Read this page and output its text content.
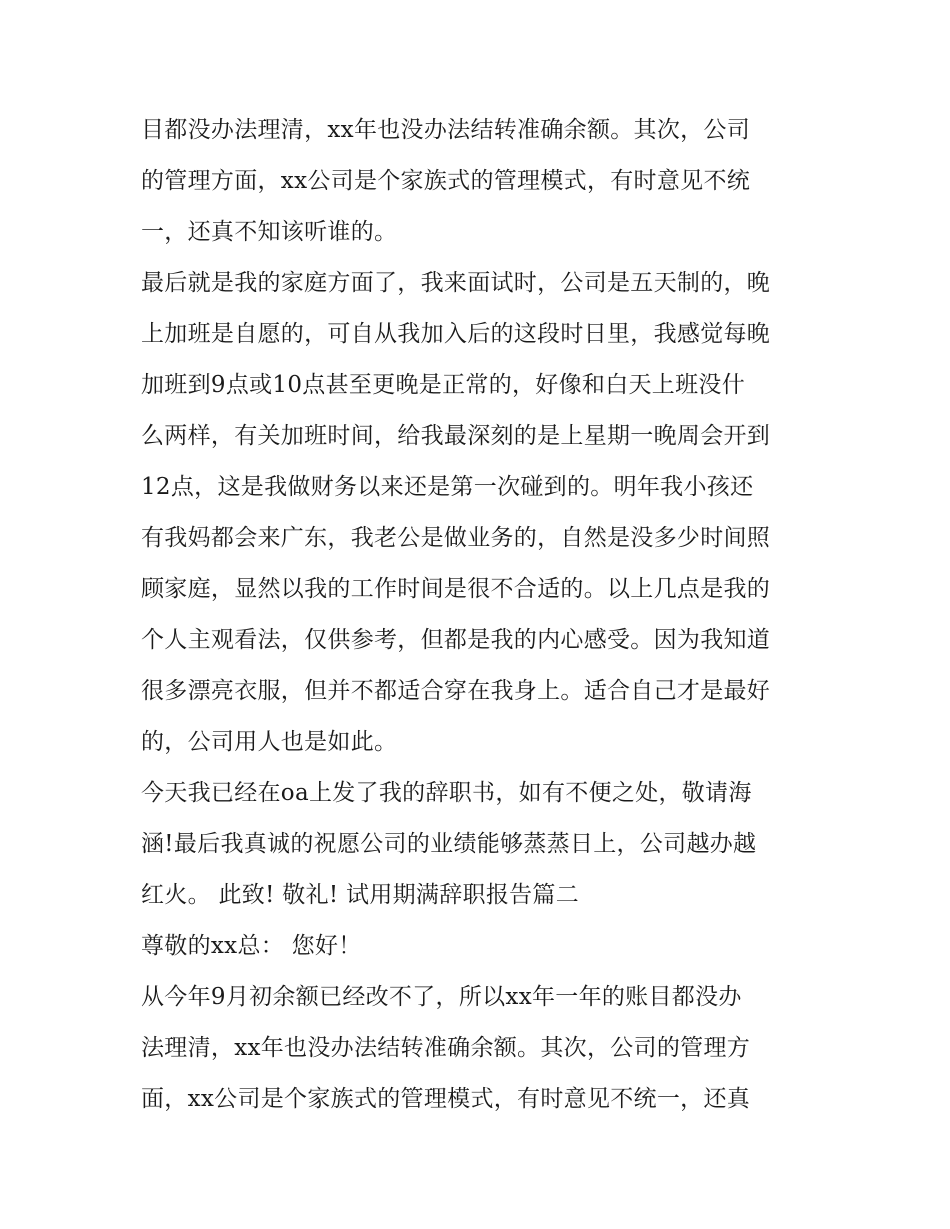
目都没办法理清，xx年也没办法结转准确余额。其次，公司
的管理方面，xx公司是个家族式的管理模式，有时意见不统
一，还真不知该听谁的。
最后就是我的家庭方面了，我来面试时，公司是五天制的，晚
上加班是自愿的，可自从我加入后的这段时日里，我感觉每晚
加班到9点或10点甚至更晚是正常的，好像和白天上班没什
么两样，有关加班时间，给我最深刻的是上星期一晚周会开到
12点，这是我做财务以来还是第一次碰到的。明年我小孩还
有我妈都会来广东，我老公是做业务的，自然是没多少时间照
顾家庭，显然以我的工作时间是很不合适的。以上几点是我的
个人主观看法，仅供参考，但都是我的内心感受。因为我知道
很多漂亮衣服，但并不都适合穿在我身上。适合自己才是最好
的，公司用人也是如此。
今天我已经在oa上发了我的辞职书，如有不便之处，敬请海
涵!最后我真诚的祝愿公司的业绩能够蒸蒸日上，公司越办越
红火。 此致! 敬礼! 试用期满辞职报告篇二
尊敬的xx总： 您好！
从今年9月初余额已经改不了，所以xx年一年的账目都没办
法理清，xx年也没办法结转准确余额。其次，公司的管理方
面，xx公司是个家族式的管理模式，有时意见不统一，还真
